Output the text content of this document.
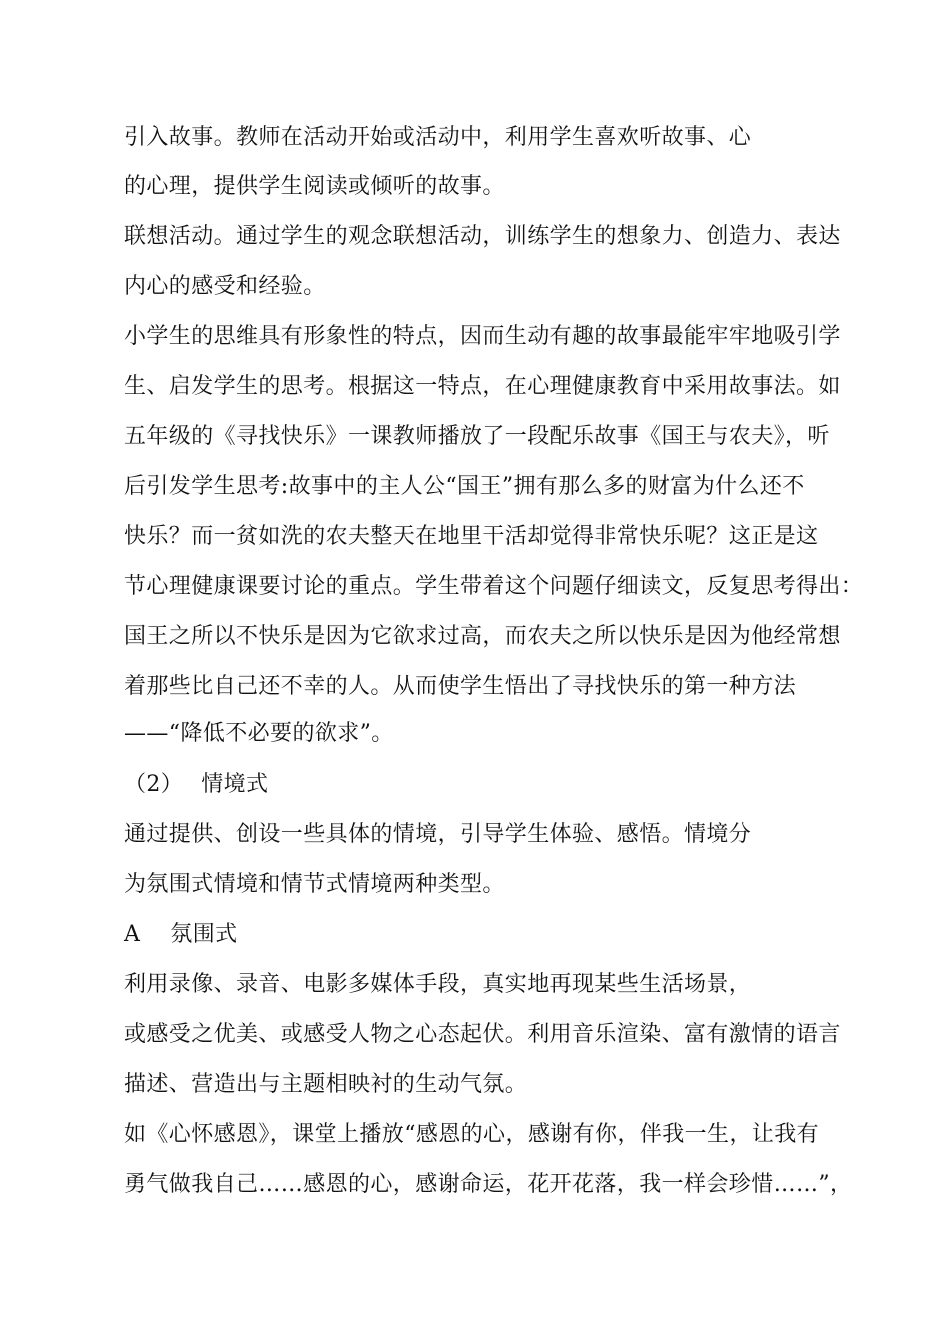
引入故事。教师在活动开始或活动中，利用学生喜欢听故事、心
的心理，提供学生阅读或倾听的故事。
联想活动。通过学生的观念联想活动，训练学生的想象力、创造力、表达
内心的感受和经验。
小学生的思维具有形象性的特点，因而生动有趣的故事最能牢牢地吸引学
生、启发学生的思考。根据这一特点，在心理健康教育中采用故事法。如
五年级的《寻找快乐》一课教师播放了一段配乐故事《国王与农夫》，听
后引发学生思考:故事中的主人公“国王”拥有那么多的财富为什么还不
快乐？而一贫如洗的农夫整天在地里干活却觉得非常快乐呢？这正是这
节心理健康课要讨论的重点。学生带着这个问题仔细读文，反复思考得出：
国王之所以不快乐是因为它欲求过高，而农夫之所以快乐是因为他经常想
着那些比自己还不幸的人。从而使学生悟出了寻找快乐的第一种方法
——“降低不必要的欲求”。
（2） 情境式
通过提供、创设一些具体的情境，引导学生体验、感悟。情境分
为氛围式情境和情节式情境两种类型。
A 氛围式
利用录像、录音、电影多媒体手段，真实地再现某些生活场景，
或感受之优美、或感受人物之心态起伏。利用音乐渲染、富有激情的语言
描述、营造出与主题相映衬的生动气氛。
如《心怀感恩》，课堂上播放“感恩的心，感谢有你，伴我一生，让我有
勇气做我自己……感恩的心，感谢命运，花开花落，我一样会珍惜……”，
